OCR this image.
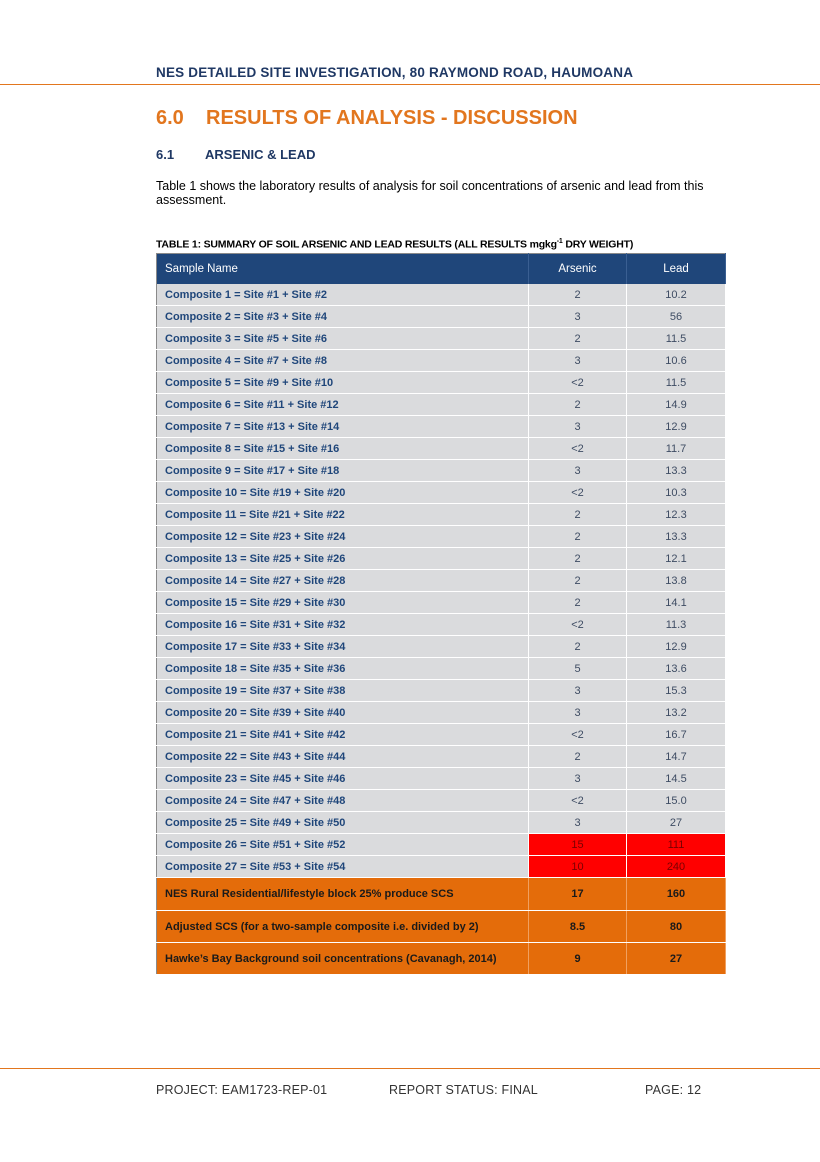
NES DETAILED SITE INVESTIGATION, 80 RAYMOND ROAD, HAUMOANA
6.0 RESULTS OF ANALYSIS - DISCUSSION
6.1 ARSENIC & LEAD
Table 1 shows the laboratory results of analysis for soil concentrations of arsenic and lead from this assessment.
TABLE 1: SUMMARY OF SOIL ARSENIC AND LEAD RESULTS (ALL RESULTS mgkg$^{-1}$ DRY WEIGHT)
Sample Name	Arsenic	Lead
Composite 1 = Site #1 + Site #2	2	10.2
Composite 2 = Site #3 + Site #4	3	56
Composite 3 = Site #5 + Site #6	2	11.5
Composite 4 = Site #7 + Site #8	3	10.6
Composite 5 = Site #9 + Site #10	<2	11.5
Composite 6 = Site #11 + Site #12	2	14.9
Composite 7 = Site #13 + Site #14	3	12.9
Composite 8 = Site #15 + Site #16	<2	11.7
Composite 9 = Site #17 + Site #18	3	13.3
Composite 10 = Site #19 + Site #20	<2	10.3
Composite 11 = Site #21 + Site #22	2	12.3
Composite 12 = Site #23 + Site #24	2	13.3
Composite 13 = Site #25 + Site #26	2	12.1
Composite 14 = Site #27 + Site #28	2	13.8
Composite 15 = Site #29 + Site #30	2	14.1
Composite 16 = Site #31 + Site #32	<2	11.3
Composite 17 = Site #33 + Site #34	2	12.9
Composite 18 = Site #35 + Site #36	5	13.6
Composite 19 = Site #37 + Site #38	3	15.3
Composite 20 = Site #39 + Site #40	3	13.2
Composite 21 = Site #41 + Site #42	<2	16.7
Composite 22 = Site #43 + Site #44	2	14.7
Composite 23 = Site #45 + Site #46	3	14.5
Composite 24 = Site #47 + Site #48	<2	15.0
Composite 25 = Site #49 + Site #50	3	27
Composite 26 = Site #51 + Site #52	15	111
Composite 27 = Site #53 + Site #54	10	240
NES Rural Residential/lifestyle block 25% produce SCS	17	160
Adjusted SCS (for a two-sample composite i.e. divided by 2)	8.5	80
Hawke’s Bay Background soil concentrations (Cavanagh, 2014)	9	27
PROJECT: EAM1723-REP-01	REPORT STATUS: FINAL	PAGE: 12
